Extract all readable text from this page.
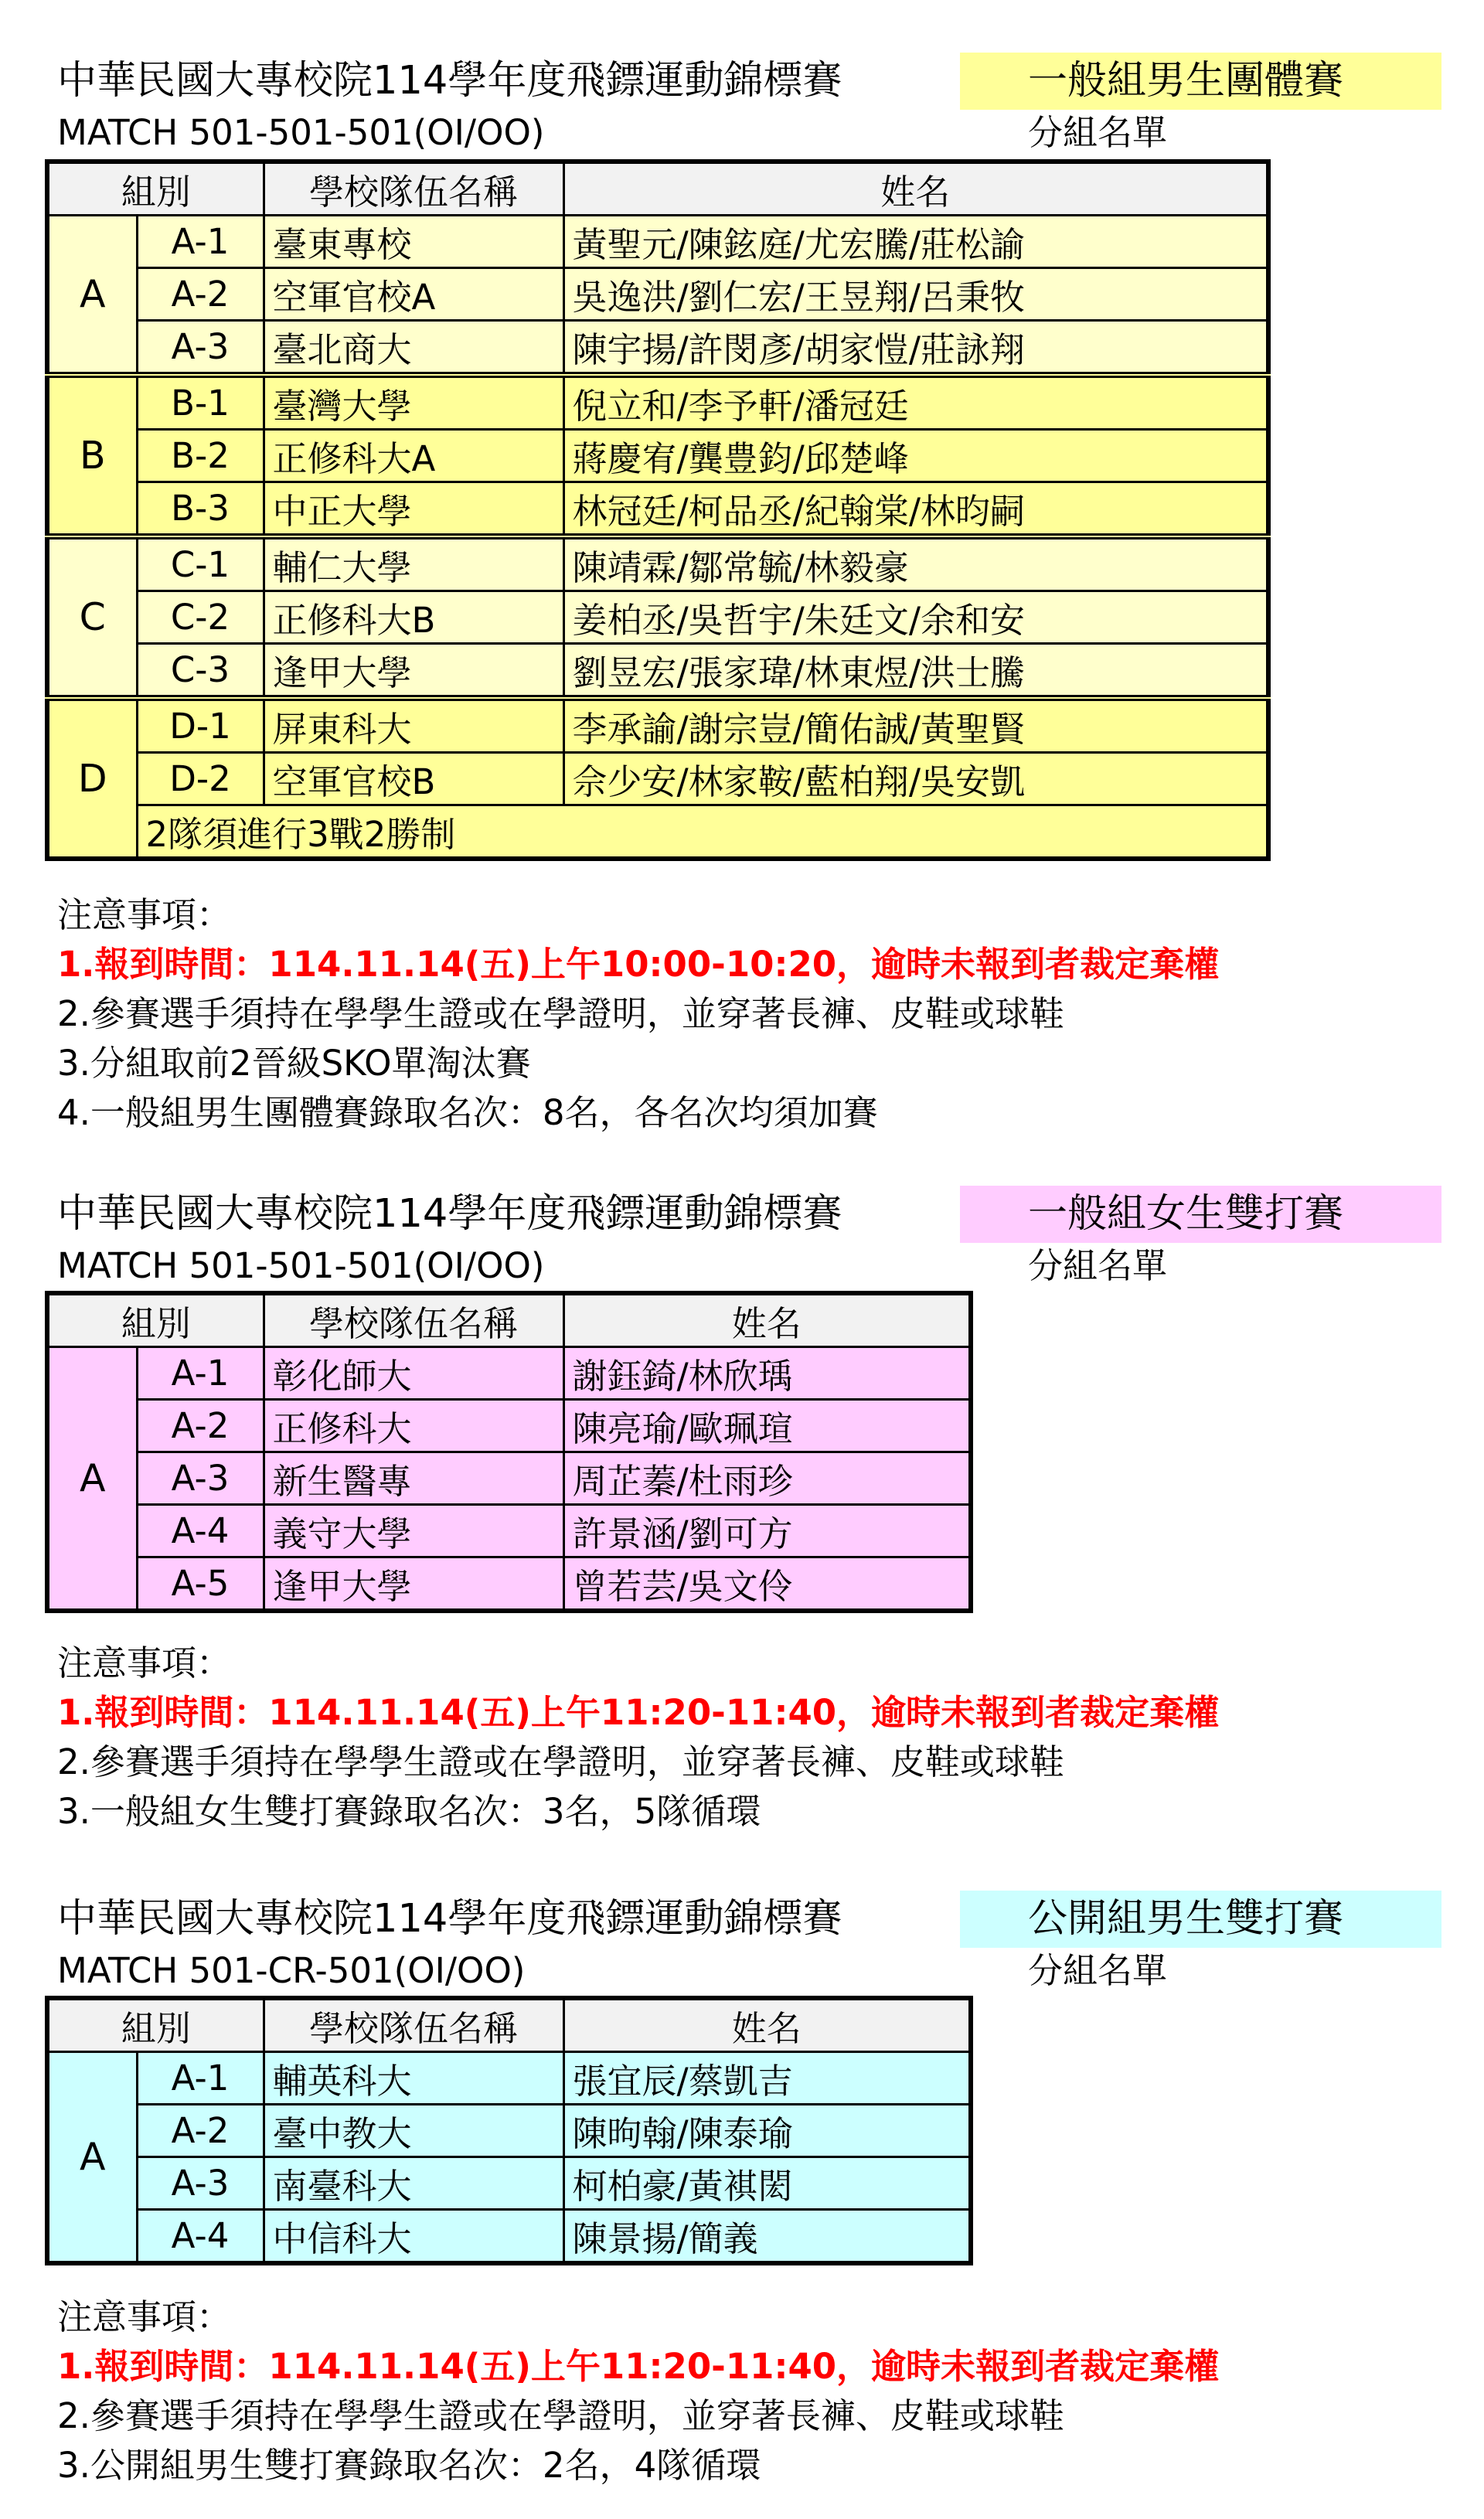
中華民國大專校院114學年度飛鏢運動錦標賽	一般組男生團體賽
MATCH 501-501-501(OI/OO)	分組名單
組別		學校隊伍名稱	姓名
A	A-1	臺東專校	黃聖元/陳鉉庭/尤宏騰/莊松諭
	A-2	空軍官校A	吳逸洪/劉仁宏/王昱翔/呂秉牧
	A-3	臺北商大	陳宇揚/許閔彥/胡家愷/莊詠翔
B	B-1	臺灣大學	倪立和/李予軒/潘冠廷
	B-2	正修科大A	蔣慶宥/龔豊鈞/邱楚峰
	B-3	中正大學	林冠廷/柯品丞/紀翰棠/林昀嗣
C	C-1	輔仁大學	陳靖霖/鄒常毓/林毅豪
	C-2	正修科大B	姜柏丞/吳哲宇/朱廷文/余和安
	C-3	逢甲大學	劉昱宏/張家瑋/林東煜/洪士騰
D	D-1	屏東科大	李承諭/謝宗豈/簡佑誠/黃聖賢
	D-2	空軍官校B	佘少安/林家鞍/藍柏翔/吳安凱
	2隊須進行3戰2勝制		
注意事項：
1.報到時間：114.11.14(五)上午10:00-10:20，逾時未報到者裁定棄權
2.參賽選手須持在學學生證或在學證明，並穿著長褲、皮鞋或球鞋
3.分組取前2晉級SKO單淘汰賽
4.一般組男生團體賽錄取名次：8名，各名次均須加賽
中華民國大專校院114學年度飛鏢運動錦標賽	一般組女生雙打賽
MATCH 501-501-501(OI/OO)	分組名單
組別		學校隊伍名稱	姓名
A	A-1	彰化師大	謝鈺錡/林欣瑀
	A-2	正修科大	陳亮瑜/歐珮瑄
	A-3	新生醫專	周芷蓁/杜雨珍
	A-4	義守大學	許景涵/劉可方
	A-5	逢甲大學	曾若芸/吳文伶
注意事項：
1.報到時間：114.11.14(五)上午11:20-11:40，逾時未報到者裁定棄權
2.參賽選手須持在學學生證或在學證明，並穿著長褲、皮鞋或球鞋
3.一般組女生雙打賽錄取名次：3名，5隊循環
中華民國大專校院114學年度飛鏢運動錦標賽	公開組男生雙打賽
MATCH 501-CR-501(OI/OO)	分組名單
組別		學校隊伍名稱	姓名
A	A-1	輔英科大	張宜辰/蔡凱吉
	A-2	臺中教大	陳昫翰/陳泰瑜
	A-3	南臺科大	柯柏豪/黃褀閎
	A-4	中信科大	陳景揚/簡義
注意事項：
1.報到時間：114.11.14(五)上午11:20-11:40，逾時未報到者裁定棄權
2.參賽選手須持在學學生證或在學證明，並穿著長褲、皮鞋或球鞋
3.公開組男生雙打賽錄取名次：2名，4隊循環
